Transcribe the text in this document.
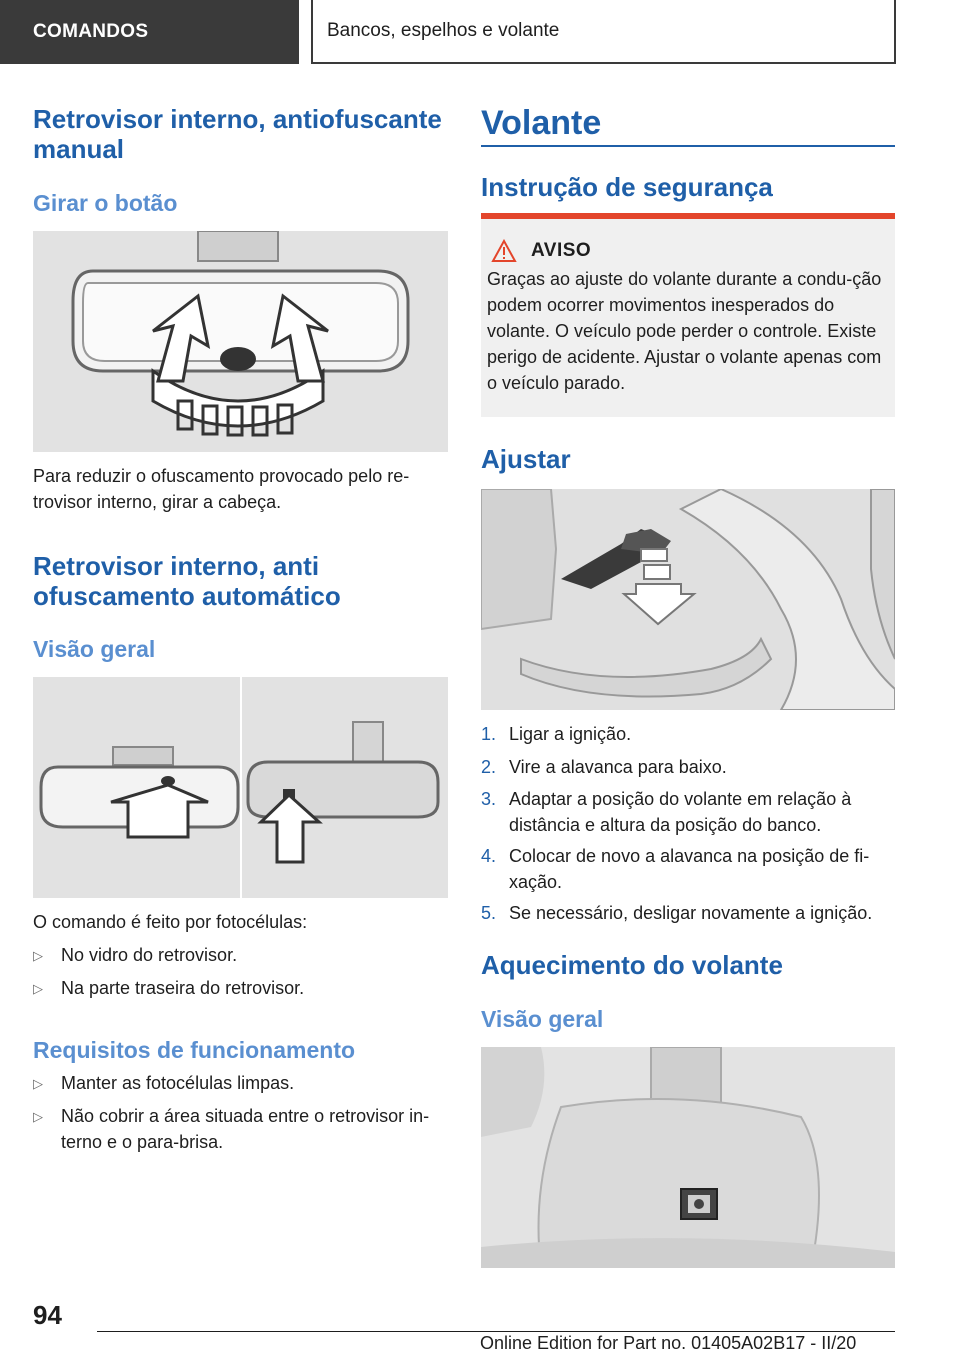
COMANDOS	Bancos, espelhos e volante
Retrovisor interno, antiofuscante manual
Girar o botão

Para reduzir o ofuscamento provocado pelo re-trovisor interno, girar a cabeça.

Retrovisor interno, anti ofuscamento automático
Visão geral

O comando é feito por fotocélulas:

▷	No vidro do retrovisor.
▷	Na parte traseira do retrovisor.
Requisitos de funcionamento
▷	Manter as fotocélulas limpas.
▷	Não cobrir a área situada entre o retrovisor in-terno e o para-brisa.
Volante
Instrução de segurança
AVISO

Graças ao ajuste do volante durante a condu-ção podem ocorrer movimentos inesperados do volante. O veículo pode perder o controle. Existe perigo de acidente. Ajustar o volante apenas com o veículo parado.

Ajustar
1. Ligar a ignição.
2. Vire a alavanca para baixo.
3. Adaptar a posição do volante em relação à distância e altura da posição do banco.
4. Colocar de novo a alavanca na posição de fi-xação.
5. Se necessário, desligar novamente a ignição.
Aquecimento do volante
Visão geral
94
Online Edition for Part no. 01405A02B17 - II/20
